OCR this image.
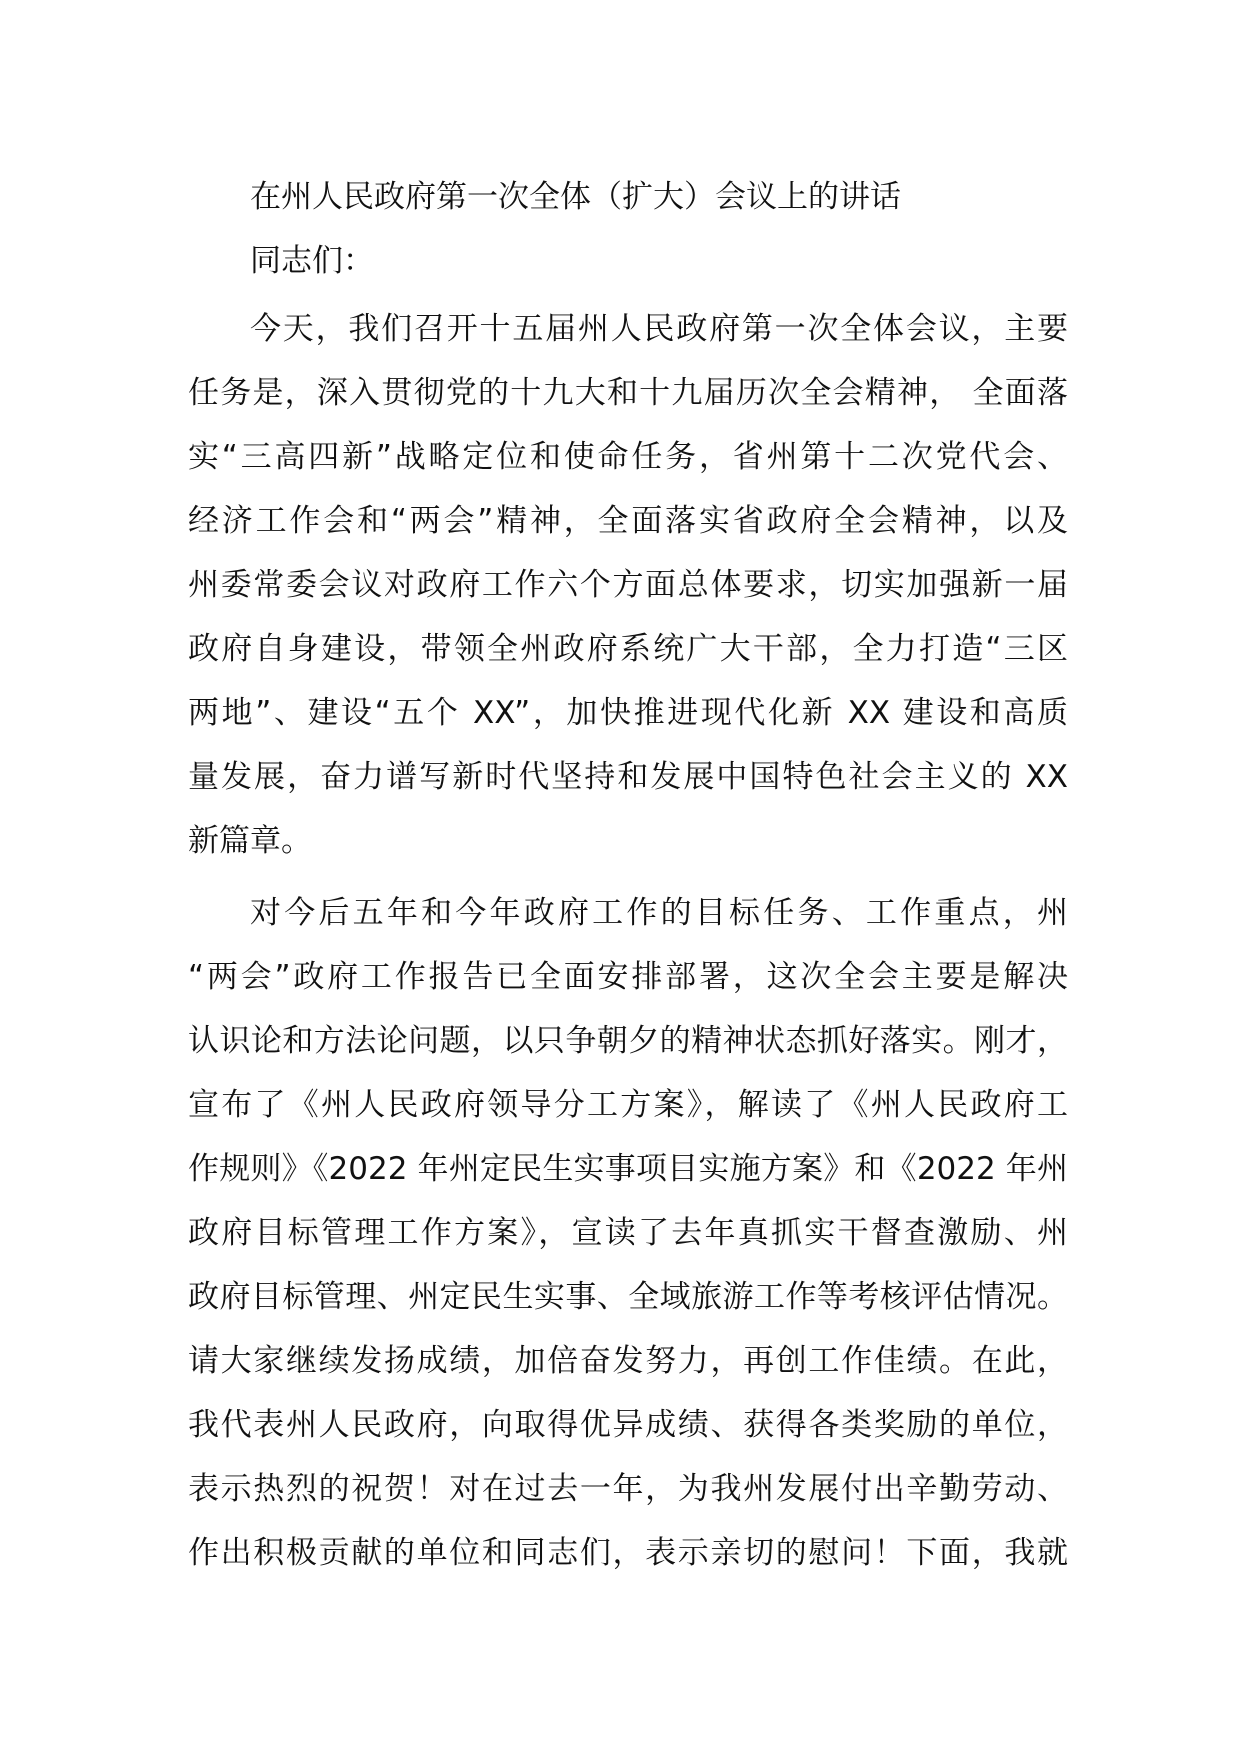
在州人民政府第一次全体（扩大）会议上的讲话
同志们：
今天，我们召开十五届州人民政府第一次全体会议，主要
任务是，深入贯彻党的十九大和十九届历次全会精神， 全面落
实“三高四新”战略定位和使命任务，省州第十二次党代会、
经济工作会和“两会”精神，全面落实省政府全会精神，以及
州委常委会议对政府工作六个方面总体要求，切实加强新一届
政府自身建设，带领全州政府系统广大干部，全力打造“三区
两地”、建设“五个 XX”，加快推进现代化新 XX 建设和高质
量发展，奋力谱写新时代坚持和发展中国特色社会主义的 XX
新篇章。
对今后五年和今年政府工作的目标任务、工作重点，州
“两会”政府工作报告已全面安排部署，这次全会主要是解决
认识论和方法论问题，以只争朝夕的精神状态抓好落实。刚才，
宣布了《州人民政府领导分工方案》，解读了《州人民政府工
作规则》《2022 年州定民生实事项目实施方案》和《2022 年州
政府目标管理工作方案》，宣读了去年真抓实干督查激励、州
政府目标管理、州定民生实事、全域旅游工作等考核评估情况。
请大家继续发扬成绩，加倍奋发努力，再创工作佳绩。在此，
我代表州人民政府，向取得优异成绩、获得各类奖励的单位，
表示热烈的祝贺！对在过去一年，为我州发展付出辛勤劳动、
作出积极贡献的单位和同志们，表示亲切的慰问！下面，我就
